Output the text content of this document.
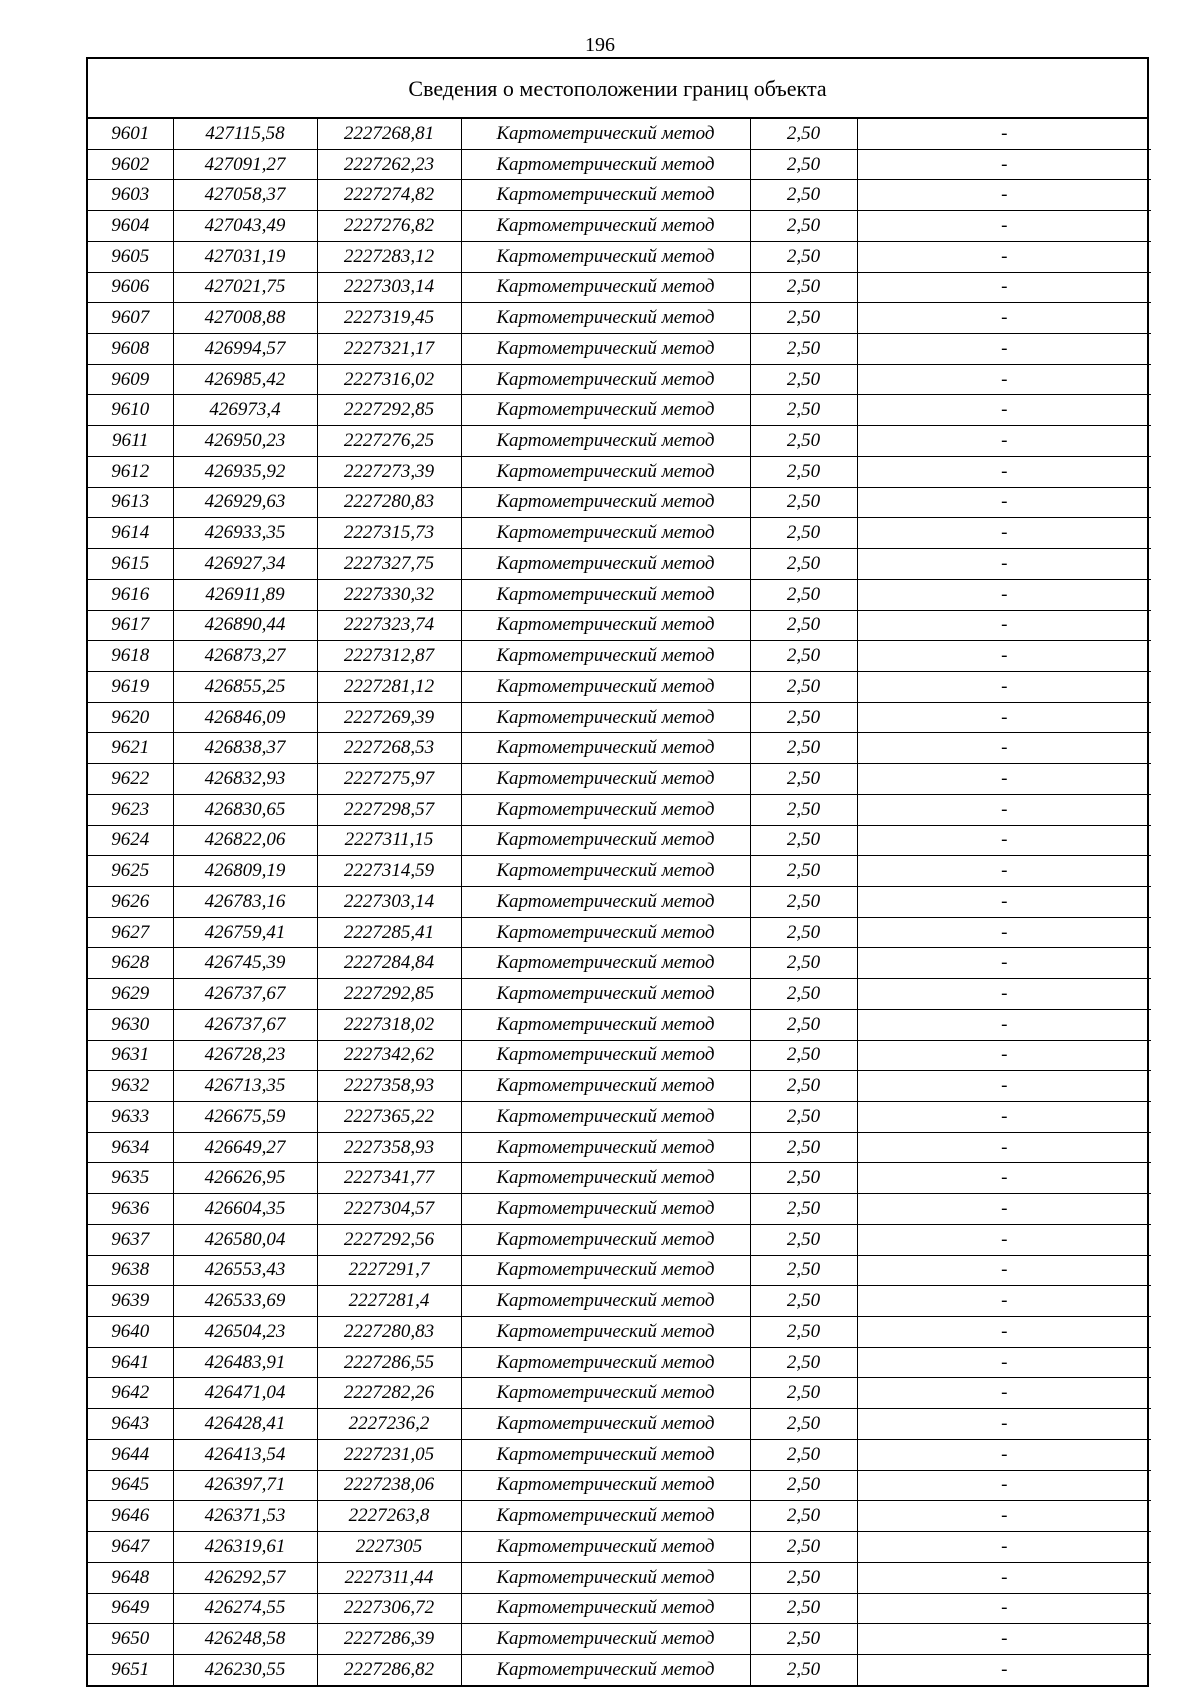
196
Сведения о местоположении границ объекта
9601	427115,58	2227268,81	Картометрический метод	2,50	-
9602	427091,27	2227262,23	Картометрический метод	2,50	-
9603	427058,37	2227274,82	Картометрический метод	2,50	-
9604	427043,49	2227276,82	Картометрический метод	2,50	-
9605	427031,19	2227283,12	Картометрический метод	2,50	-
9606	427021,75	2227303,14	Картометрический метод	2,50	-
9607	427008,88	2227319,45	Картометрический метод	2,50	-
9608	426994,57	2227321,17	Картометрический метод	2,50	-
9609	426985,42	2227316,02	Картометрический метод	2,50	-
9610	426973,4	2227292,85	Картометрический метод	2,50	-
9611	426950,23	2227276,25	Картометрический метод	2,50	-
9612	426935,92	2227273,39	Картометрический метод	2,50	-
9613	426929,63	2227280,83	Картометрический метод	2,50	-
9614	426933,35	2227315,73	Картометрический метод	2,50	-
9615	426927,34	2227327,75	Картометрический метод	2,50	-
9616	426911,89	2227330,32	Картометрический метод	2,50	-
9617	426890,44	2227323,74	Картометрический метод	2,50	-
9618	426873,27	2227312,87	Картометрический метод	2,50	-
9619	426855,25	2227281,12	Картометрический метод	2,50	-
9620	426846,09	2227269,39	Картометрический метод	2,50	-
9621	426838,37	2227268,53	Картометрический метод	2,50	-
9622	426832,93	2227275,97	Картометрический метод	2,50	-
9623	426830,65	2227298,57	Картометрический метод	2,50	-
9624	426822,06	2227311,15	Картометрический метод	2,50	-
9625	426809,19	2227314,59	Картометрический метод	2,50	-
9626	426783,16	2227303,14	Картометрический метод	2,50	-
9627	426759,41	2227285,41	Картометрический метод	2,50	-
9628	426745,39	2227284,84	Картометрический метод	2,50	-
9629	426737,67	2227292,85	Картометрический метод	2,50	-
9630	426737,67	2227318,02	Картометрический метод	2,50	-
9631	426728,23	2227342,62	Картометрический метод	2,50	-
9632	426713,35	2227358,93	Картометрический метод	2,50	-
9633	426675,59	2227365,22	Картометрический метод	2,50	-
9634	426649,27	2227358,93	Картометрический метод	2,50	-
9635	426626,95	2227341,77	Картометрический метод	2,50	-
9636	426604,35	2227304,57	Картометрический метод	2,50	-
9637	426580,04	2227292,56	Картометрический метод	2,50	-
9638	426553,43	2227291,7	Картометрический метод	2,50	-
9639	426533,69	2227281,4	Картометрический метод	2,50	-
9640	426504,23	2227280,83	Картометрический метод	2,50	-
9641	426483,91	2227286,55	Картометрический метод	2,50	-
9642	426471,04	2227282,26	Картометрический метод	2,50	-
9643	426428,41	2227236,2	Картометрический метод	2,50	-
9644	426413,54	2227231,05	Картометрический метод	2,50	-
9645	426397,71	2227238,06	Картометрический метод	2,50	-
9646	426371,53	2227263,8	Картометрический метод	2,50	-
9647	426319,61	2227305	Картометрический метод	2,50	-
9648	426292,57	2227311,44	Картометрический метод	2,50	-
9649	426274,55	2227306,72	Картометрический метод	2,50	-
9650	426248,58	2227286,39	Картометрический метод	2,50	-
9651	426230,55	2227286,82	Картометрический метод	2,50	-
